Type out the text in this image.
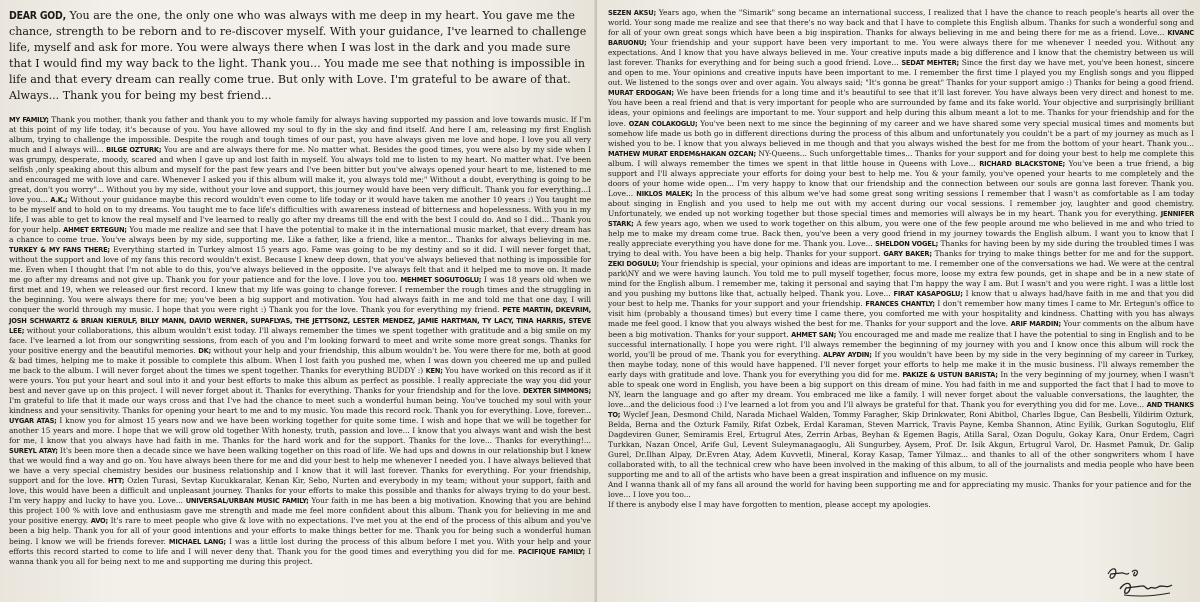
DEAR GOD, You are the one, the only one who was always with me deep in my heart. You gave me the chance, strength to be reborn and to re-discover myself. With your guidance, I've learned to challenge life, myself and ask for more. You were always there when I was lost in the dark and you made sure that I would find my way back to the light. Thank you... You made me see that nothing is impossible in life and that every dream can really come true. But only with Love. I'm grateful to be aware of that. Always... Thank you for being my best friend...

MY FAMILY; Thank you mother, thank you father and thank you to my whole family for always having supported my passion and love towards music. If I'm at this point of my life today, it's because of you. You have allowed my soul to fly in the sky and find itself. And here I am, releasing my first English album, trying to challenge the impossible. Despite the rough and tough times of our past, you have always given me love and hope. I love you all very much and I always will... BILGE OZTURK; You are and are always there for me. No matter what. Besides the good times, you were also by my side when I was grumpy, desperate, moody, scared and when I gave up and lost faith in myself. You always told me to listen to my heart. No matter what. I've been selfish ,only speaking about this album and myself for the past few years and I've been bitter but you've always opened your heart to me, listened to me and encouraged me with love and care. Whenever I asked you if this album will make it, you always told me;" Without a doubt, everything is going to be great, don't you worry"... Without you by my side, without your love and support, this journey would have been very difficult. Thank you for everything...I love you... A.K.; Without your guidance maybe this record wouldn't even come to life today or it would have taken me another 10 years :) You taught me to be myself and to hold on to my dreams. You taught me to face life's difficulties with awareness instead of bitterness and hopelessness. With you in my life, I was able to get to know the real myself and I've learned to really go after my dreams till the end with the best I could do. And so I did... Thank you for your help. AHMET ERTEGUN; You made me realize and see that I have the potential to make it in the international music market, that every dream has a chance to come true. You've always been by my side, supporting me. Like a father, like a friend, like a mentor... Thanks for always believing in me. TURKEY & MY FANS THERE; Everything started in Turkey almost 15 years ago. Fame was going to be my destiny and so it did. I will never forget that, without the support and love of my fans this record wouldn't exist. Because I knew deep down, that you've always believed that nothing is impossible for me. Even when I thought that I'm not able to do this, you've always believed in the opposite. I've always felt that and it helped me to move on. It made me go after my dreams and not give up. Thank you for your patience and for the love. I love you too. MEHMET SOGUTOGLU; I was 18 years old when we first met and 19, when we released our first record. I knew that my life was going to change forever. I remember the rough times and the struggling in the beginning. You were always there for me; you've been a big support and motivation. You had always faith in me and told me that one day, I will conquer the world through my music. I hope that you were right :) Thank you for the love. Thank you for everything my friend. PETE MARTIN, DKEVRIM, JOSH SCHWARTZ & BRIAN KIERULF, BILLY MANN, DAVID WERNER, SUPAFLYAS, THE JETTSONZ, LESTER MENDEZ, JAMIE HARTMAN, TY LACY, TINA HARRIS, STEVE LEE; without your collaborations, this album wouldn't exist today. I'll always remember the times we spent together with gratitude and a big smile on my face. I've learned a lot from our songwriting sessions, from each of you and I'm looking forward to meet and write some more great songs. Thanks for your positive energy and the beautiful memories. DK; without your help and your friendship, this album wouldn't be. You were there for me, both at good & bad times, helping me to make it possible to complete this album. When I lost faith you pushed me, when I was down you cheered me up and pulled me back to the album. I will never forget about the times we spent together. Thanks for everything BUDDY :) KEN; You have worked on this record as if it were yours. You put your heart and soul into it and your best efforts to make this album as perfect as possible. I really appreciate the way you did your best and never gave up on this project. I will never forget about it. Thanks for everything. Thanks for your friendship and for the love. DEXTER SIMMONS; I'm grateful to life that it made our ways cross and that I've had the chance to meet such a wonderful human being. You've touched my soul with your kindness and your sensitivity. Thanks for opening your heart to me and to my music. You made this record rock. Thank you for everything. Love, forever... UYGAR ATAS; I know you for almost 15 years now and we have been working together for quite some time. I wish and hope that we will be together for another 15 years and more. I hope that we will grow old together With honesty, truth, passion and love... I know that you always want and wish the best for me, I know that you always have had faith in me. Thanks for the hard work and for the support. Thanks for the love... Thanks for everything!... SURЕYL ATAY; It's been more then a decade since we have been walking together on this road of life. We had ups and downs in our relationship but I knew that we would find a way and go on. You have always been there for me and did your best to help me whenever I needed you. I have always believed that we have a very special chemistry besides our business relationship and I know that it will last forever. Thanks for everything. For your friendship, support and for the love. HTT; Ozlen Turasi, Sevtap Kucukkaralar, Kenan Kir, Sebo, Nurten and everybody in my team; without your support, faith and love, this would have been a difficult and unpleasant journey. Thanks for your efforts to make this possible and thanks for always trying to do your best. I'm very happy and lucky to have you. Love... UNIVERSAL/URBAN MUSIC FAMILY; Your faith in me has been a big motivation. Knowing that you are behind this project 100 % with love and enthusiasm gave me strength and made me feel more confident about this album. Thank you for believing in me and your positive energy. AVO; It's rare to meet people who give & love with no expectations. I've met you at the end of the process of this album and you've been a big help. Thank you for all of your good intentions and your efforts to make things better for me. Thank you for being such a wonderful human being. I know we will be friends forever. MICHAEL LANG; I was a little lost during the process of this album before I met you. With your help and your efforts this record started to come to life and I will never deny that. Thank you for the good times and everything you did for me. PACIFIQUE FAMILY; I wanna thank you all for being next to me and supporting me during this project.

SEZEN AKSU; Years ago, when the "Simarik" song became an international success, I realized that I have the chance to reach people's hearts all over the world. Your song made me realize and see that there's no way back and that I have to complete this English album. Thanks for such a wonderful song and for all of your own great songs which have been a big inspiration. Thanks for always believing in me and being there for me as a friend. Love... KIVANC BARUONU; Your friendship and your support have been very important to me. You were always there for me whenever I needed you. Without any expectations. And I know that you have always believed in me. Your creative inputs made a big difference and I know that the chemistry between us will last forever. Thanks for everything and for being such a good friend. Love... SEDAT MEHTER; Since the first day we have met, you've been honest, sincere and open to me. Your opinions and creative inputs have been important to me. I remember the first time I played you my English songs and you flipped out. We listened to the songs over and over again. You always said; "It's gonna be great" Thanks for your support amigo :) Thanks for being a good friend. MURAT ERDOGAN; We have been friends for a long time and it's beautiful to see that it'll last forever. You have always been very direct and honest to me. You have been a real friend and that is very important for people who are surrounded by fame and its fake world. Your objective and surprisingly brilliant ideas, your opinions and feelings are important to me. Your support and help during this album meant a lot to me. Thanks for your friendship and for the love. OZAN COLAKOGLU; You've been next to me since the beginning of my career and we have shared some very special musical times and moments but somehow life made us both go in different directions during the process of this album and unfortunately you couldn't be a part of my journey as much as I wished you to be. I know that you always believed in me though and that you always wished the best for me from the bottom of your heart. Thank you... MATHEW MURAT ERDEM&HAKAN OZCAN; NY-Queens... Such unforgettable times... Thanks for your support and for doing your best to help me complete this album. I will always remember the times we spent in that little house in Queens with Love... RICHARD BLACKSTONE; You've been a true friend, a big support and I'll always appreciate your efforts for doing your best to help me. You & your family, you've opened your hearts to me completely and the doors of your home wide open... I'm very happy to know that our friendship and the connection between our souls are gonna last forever. Thank you. Love... NIKLOS MALEK; In the process of this album we've had some great song writing sessions I remember that I wasn't as comfortable as I am today about singing in English and you used to help me out with my accent during our vocal sessions. I remember joy, laughter and good chemistry. Unfortunately, we ended up not working together but those special times and memories will always be in my heart. Thank you for everything. JENNIFER STARK; A few years ago, when we used to work together on this album, you were one of the few people around me who believed in me and who tried to help me to make my dream come true. Back then, you've been a very good friend in my journey towards the English album. I want you to know that I really appreciate everything you have done for me. Thank you. Love... SHELDON VOGEL; Thanks for having been by my side during the troubled times I was trying to deal with. You have been a big help. Thanks for your support. GARY BAKER; Thanks for trying to make things better for me and for the support. ZEKI DOGULU; Your friendship is special, your opinions and ideas are important to me. I remember one of the conversations we had. We were at the central park\NY and we were having launch. You told me to pull myself together, focus more, loose my extra few pounds, get in shape and be in a new state of mind for the English album. I remember me, taking it personal and saying that I'm happy the way I am. But I wasn't and you were right. I was a little lost and you pushing my buttons like that, actually helped. Thank you. Love... FIRAT KASAPOGLU; I know that u always had/have faith in me and that you did your best to help me. Thanks for your support and your friendship. FRANCES CHANTLY; I don't remember how many times I came to Mr. Ertegun's office to visit him (probably a thousand times) but every time I came there, you comforted me with your hospitality and kindness. Chatting with you has always made me feel good. I know that you always wished the best for me. Thanks for your support and the love. ARIF MARDIN; Your comments on the album have been a big motivation. Thanks for your support. AHMET SAN; You encouraged me and made me realize that I have the potential to sing in English and to be successful internationally. I hope you were right. I'll always remember the beginning of my journey with you and I know once this album will rock the world, you'll be proud of me. Thank you for everything. ALPAY AYDIN; If you wouldn't have been by my side in the very beginning of my career in Turkey, then maybe today, none of this would have happened. I'll never forget your efforts to help me make it in the music business. I'll always remember the early days with gratitude and love. Thank you for everything you did for me. PAKIZE & USTUN BARISTA; In the very beginning of my journey, when I wasn't able to speak one word in English, you have been a big support on this dream of mine. You had faith in me and supported the fact that I had to move to NY, learn the language and go after my dream. You embraced me like a family. I will never forget about the valuable conversations, the laughter, the love...and the delicious food :) I've learned a lot from you and I'll always be grateful for that. Thank you for everything you did for me. Love... AND THANKS TO; Wyclef Jean, Desmond Child, Narada Michael Walden, Tommy Faragher, Skip Drinkwater, Roni Abitbol, Charles Ibgue, Can Besbelli, Yildirim Ozturk, Belda, Berna and the Ozturk Family, Rifat Ozbek, Erdal Karaman, Steven Marrick, Travis Payne, Kemba Shannon, Atinc Eyilik, Gurkan Sogutoglu, Elif Dagdeviren Guner, Semiramis Erel, Ertugrul Ates, Zerrin Arbas, Beyhan & Egemen Bagis, Atilla Saral, Ozan Dogulu, Gokay Kara, Onur Erdem, Cagri Turkkan, Nazan Oncel, Arife Gul, Levent Suleymanagaoglu, Ali Sungurbey, Aysem, Prof. Dr. Isik Akgun, Ertugrul Varol, Dr. Hasmet Pamuk, Dr. Galip Gurel, Dr.Ilhan Alpay, Dr.Evren Atay, Adem Kuvvetli, Mineral, Koray Kasap, Tamer Yilmaz... and thanks to all of the other songwriters whom I have collaborated with, to all the technical crew who have been involved in the making of this album, to all of the journalists and media people who have been supporting me and to all of the artists who have been a great inspiration and influence on my music.

And I wanna thank all of my fans all around the world for having been supporting me and for appreciating my music. Thanks for your patience and for the love... I love you too...

If there is anybody else I may have forgotten to mention, please accept my apologies.
